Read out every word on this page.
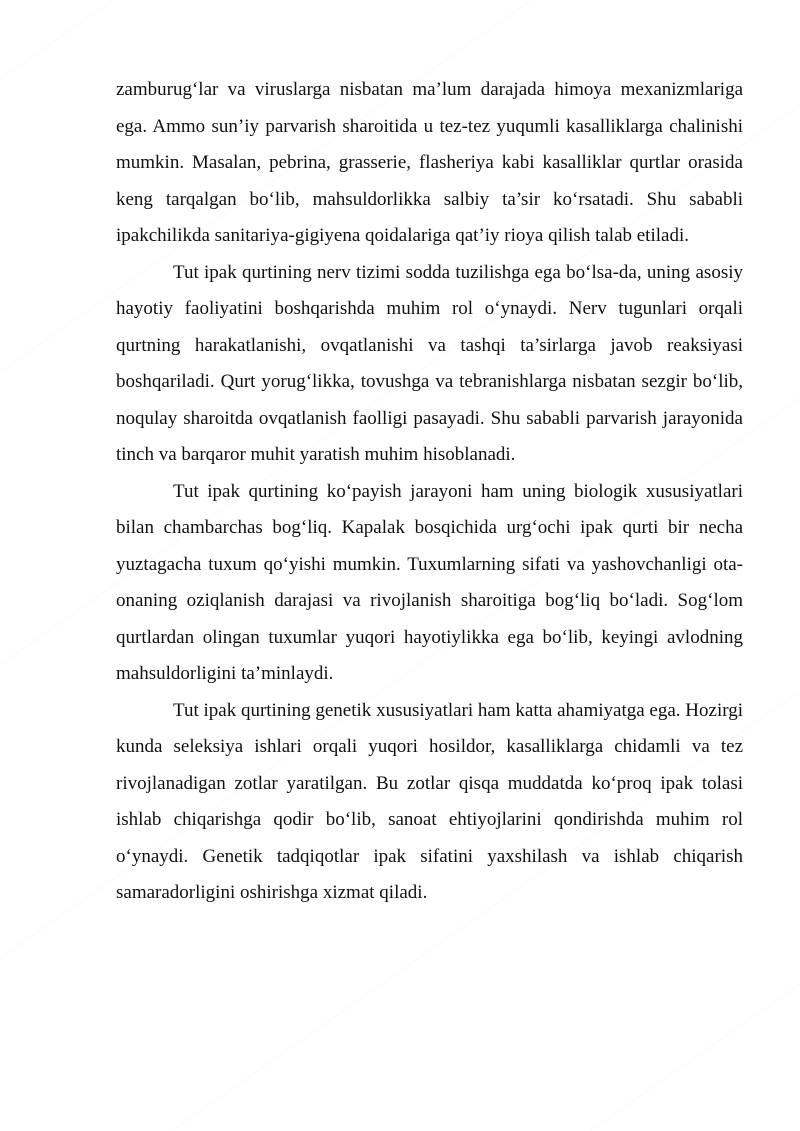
zamburug‘lar va viruslarga nisbatan ma’lum darajada himoya mexanizmlariga ega. Ammo sun’iy parvarish sharoitida u tez-tez yuqumli kasalliklarga chalinishi mumkin. Masalan, pebrina, grasserie, flasheriya kabi kasalliklar qurtlar orasida keng tarqalgan bo‘lib, mahsuldorlikka salbiy ta’sir ko‘rsatadi. Shu sababli ipakchilikda sanitariya-gigiyena qoidalariga qat’iy rioya qilish talab etiladi.

Tut ipak qurtining nerv tizimi sodda tuzilishga ega bo‘lsa-da, uning asosiy hayotiy faoliyatini boshqarishda muhim rol o‘ynaydi. Nerv tugunlari orqali qurtning harakatlanishi, ovqatlanishi va tashqi ta’sirlarga javob reaksiyasi boshqariladi. Qurt yorug‘likka, tovushga va tebranishlarga nisbatan sezgir bo‘lib, noqulay sharoitda ovqatlanish faolligi pasayadi. Shu sababli parvarish jarayonida tinch va barqaror muhit yaratish muhim hisoblanadi.

Tut ipak qurtining ko‘payish jarayoni ham uning biologik xususiyatlari bilan chambarchas bog‘liq. Kapalak bosqichida urg‘ochi ipak qurti bir necha yuztagacha tuxum qo‘yishi mumkin. Tuxumlarning sifati va yashovchanligi ota-onaning oziqlanish darajasi va rivojlanish sharoitiga bog‘liq bo‘ladi. Sog‘lom qurtlardan olingan tuxumlar yuqori hayotiylikka ega bo‘lib, keyingi avlodning mahsuldorligini ta’minlaydi.

Tut ipak qurtining genetik xususiyatlari ham katta ahamiyatga ega. Hozirgi kunda seleksiya ishlari orqali yuqori hosildor, kasalliklarga chidamli va tez rivojlanadigan zotlar yaratilgan. Bu zotlar qisqa muddatda ko‘proq ipak tolasi ishlab chiqarishga qodir bo‘lib, sanoat ehtiyojlarini qondirishda muhim rol o‘ynaydi. Genetik tadqiqotlar ipak sifatini yaxshilash va ishlab chiqarish samaradorligini oshirishga xizmat qiladi.
